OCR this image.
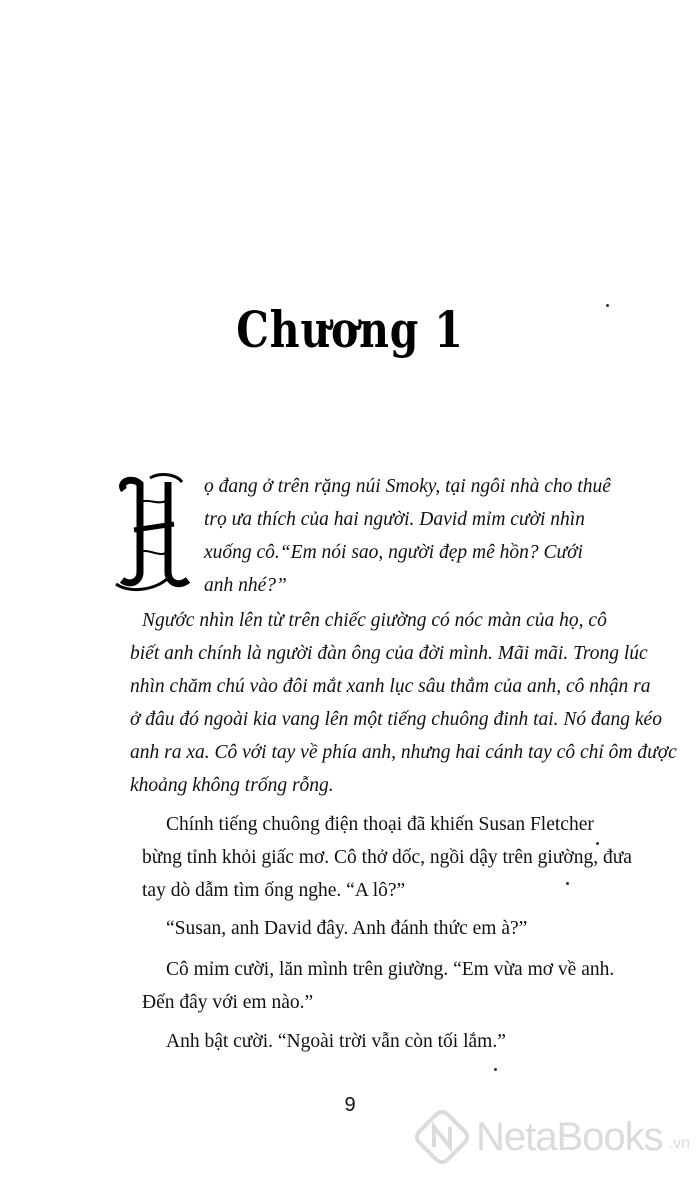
Chương 1

ọ đang ở trên rặng núi Smoky, tại ngôi nhà cho thuê
trọ ưa thích của hai người. David mỉm cười nhìn
xuống cô.“Em nói sao, người đẹp mê hồn? Cưới
anh nhé?”

Ngước nhìn lên từ trên chiếc giường có nóc màn của họ, cô
biết anh chính là người đàn ông của đời mình. Mãi mãi. Trong lúc
nhìn chăm chú vào đôi mắt xanh lục sâu thẳm của anh, cô nhận ra
ở đâu đó ngoài kia vang lên một tiếng chuông đinh tai. Nó đang kéo
anh ra xa. Cô với tay về phía anh, nhưng hai cánh tay cô chỉ ôm được
khoảng không trống rỗng.

Chính tiếng chuông điện thoại đã khiến Susan Fletcher
bừng tỉnh khỏi giấc mơ. Cô thở dốc, ngồi dậy trên giường, đưa
tay dò dẫm tìm ống nghe. “A lô?”

“Susan, anh David đây. Anh đánh thức em à?”

Cô mỉm cười, lăn mình trên giường. “Em vừa mơ về anh.
Đến đây với em nào.”

Anh bật cười. “Ngoài trời vẫn còn tối lắm.”

9
NetaBooks .vn
